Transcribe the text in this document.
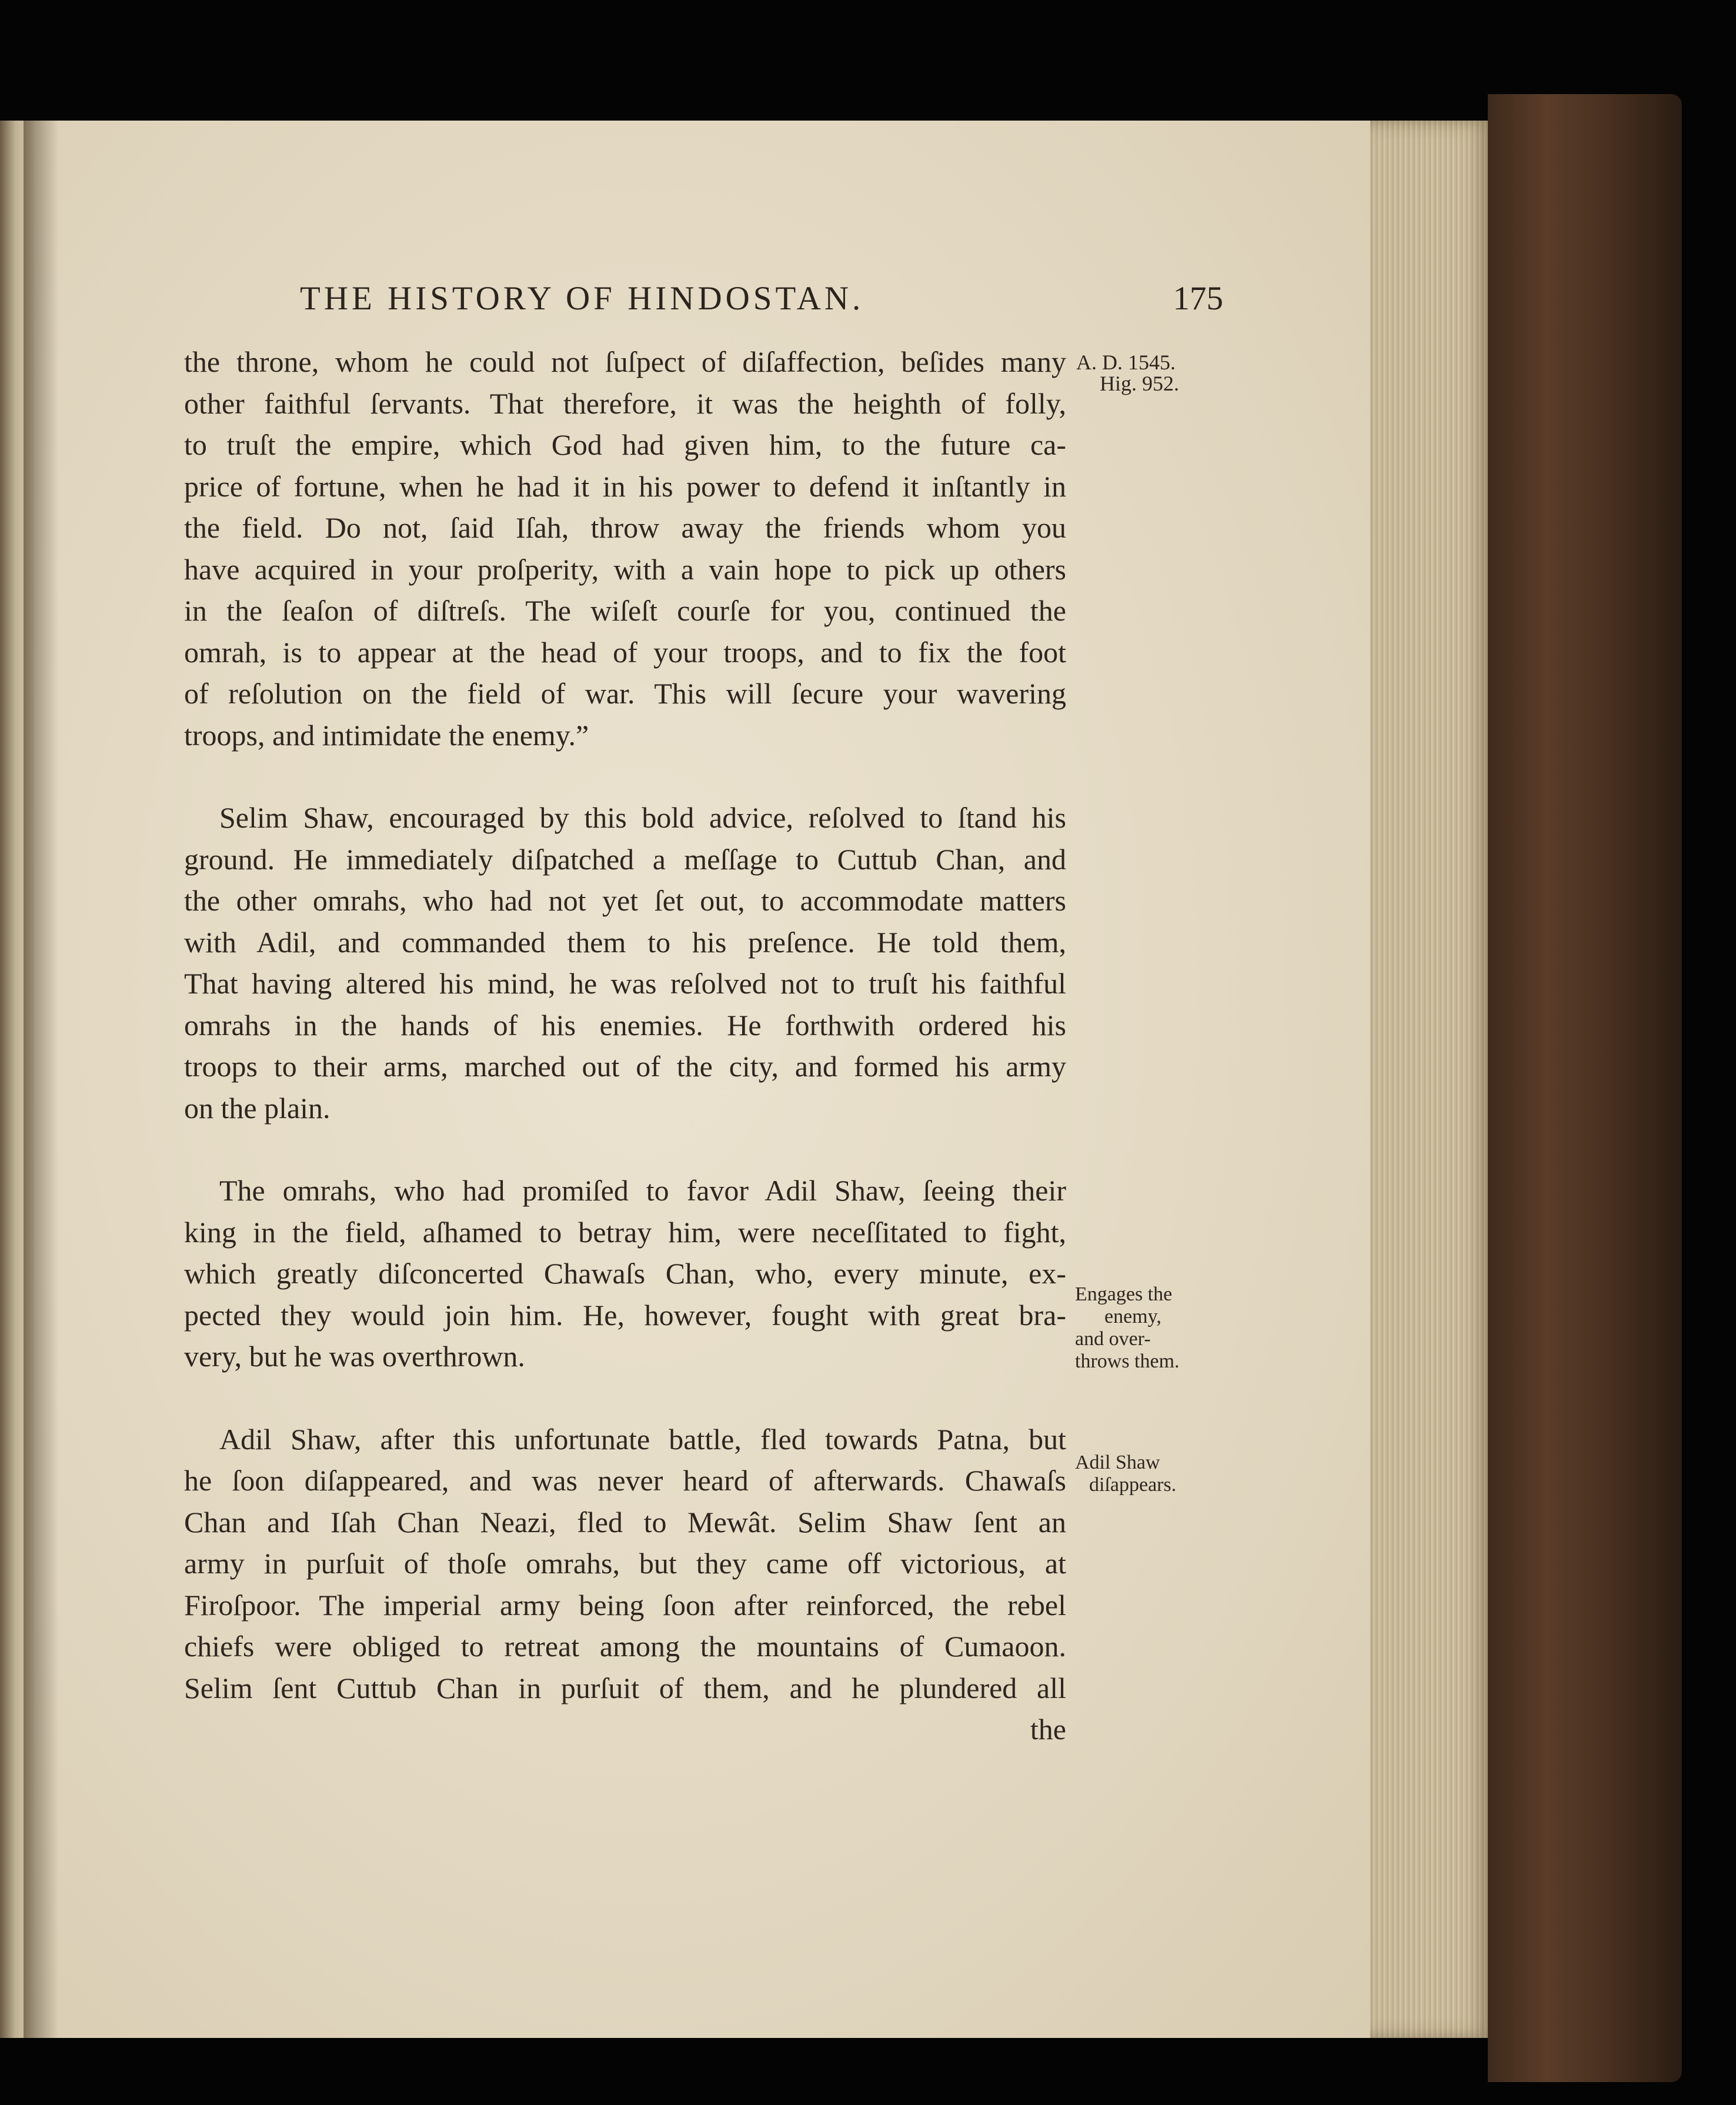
THE HISTORY OF HINDOSTAN.	175
A. D. 1545.
Hig. 952.
the throne, whom he could not ſuſpect of diſaffection, beſides many
other faithful ſervants. That therefore, it was the heighth of folly,
to truſt the empire, which God had given him, to the future ca-
price of fortune, when he had it in his power to defend it inſtantly in
the field. Do not, ſaid Iſah, throw away the friends whom you
have acquired in your proſperity, with a vain hope to pick up others
in the ſeaſon of diſtreſs. The wiſeſt courſe for you, continued the
omrah, is to appear at the head of your troops, and to fix the foot
of reſolution on the field of war. This will ſecure your wavering
troops, and intimidate the enemy.”
Selim Shaw, encouraged by this bold advice, reſolved to ſtand his
ground. He immediately diſpatched a meſſage to Cuttub Chan, and
the other omrahs, who had not yet ſet out, to accommodate matters
with Adil, and commanded them to his preſence. He told them,
That having altered his mind, he was reſolved not to truſt his faithful
omrahs in the hands of his enemies. He forthwith ordered his
troops to their arms, marched out of the city, and formed his army
on the plain.
The omrahs, who had promiſed to favor Adil Shaw, ſeeing their
king in the field, aſhamed to betray him, were neceſſitated to fight,
which greatly diſconcerted Chawaſs Chan, who, every minute, ex-
pected they would join him. He, however, fought with great bra-
very, but he was overthrown.
Adil Shaw, after this unfortunate battle, fled towards Patna, but
he ſoon diſappeared, and was never heard of afterwards. Chawaſs
Chan and Iſah Chan Neazi, fled to Mewât. Selim Shaw ſent an
army in purſuit of thoſe omrahs, but they came off victorious, at
Firoſpoor. The imperial army being ſoon after reinforced, the rebel
chiefs were obliged to retreat among the mountains of Cumaoon.
Selim ſent Cuttub Chan in purſuit of them, and he plundered all
the
Engages the
enemy,
and over-
throws them.
Adil Shaw
diſappears.
